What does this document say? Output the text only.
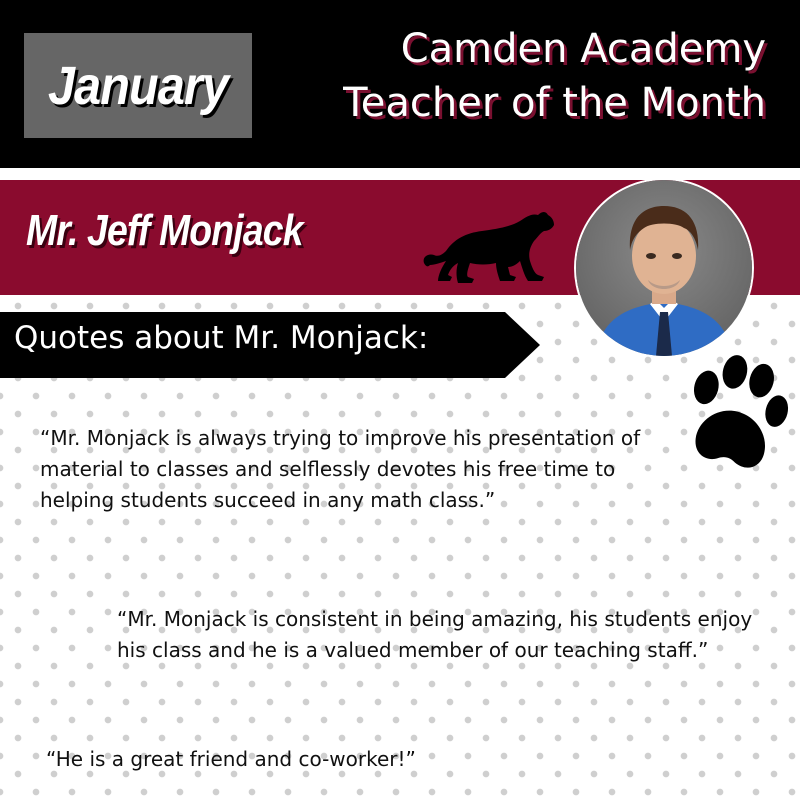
January
Camden Academy
Teacher of the Month
Mr. Jeff Monjack
Quotes about Mr. Monjack:
“Mr. Monjack is always trying to improve his presentation of material to classes and selflessly devotes his free time to helping students succeed in any math class.”
“Mr. Monjack is consistent in being amazing, his students enjoy his class and he is a valued member of our teaching staff.”
“He is a great friend and co-worker!”
